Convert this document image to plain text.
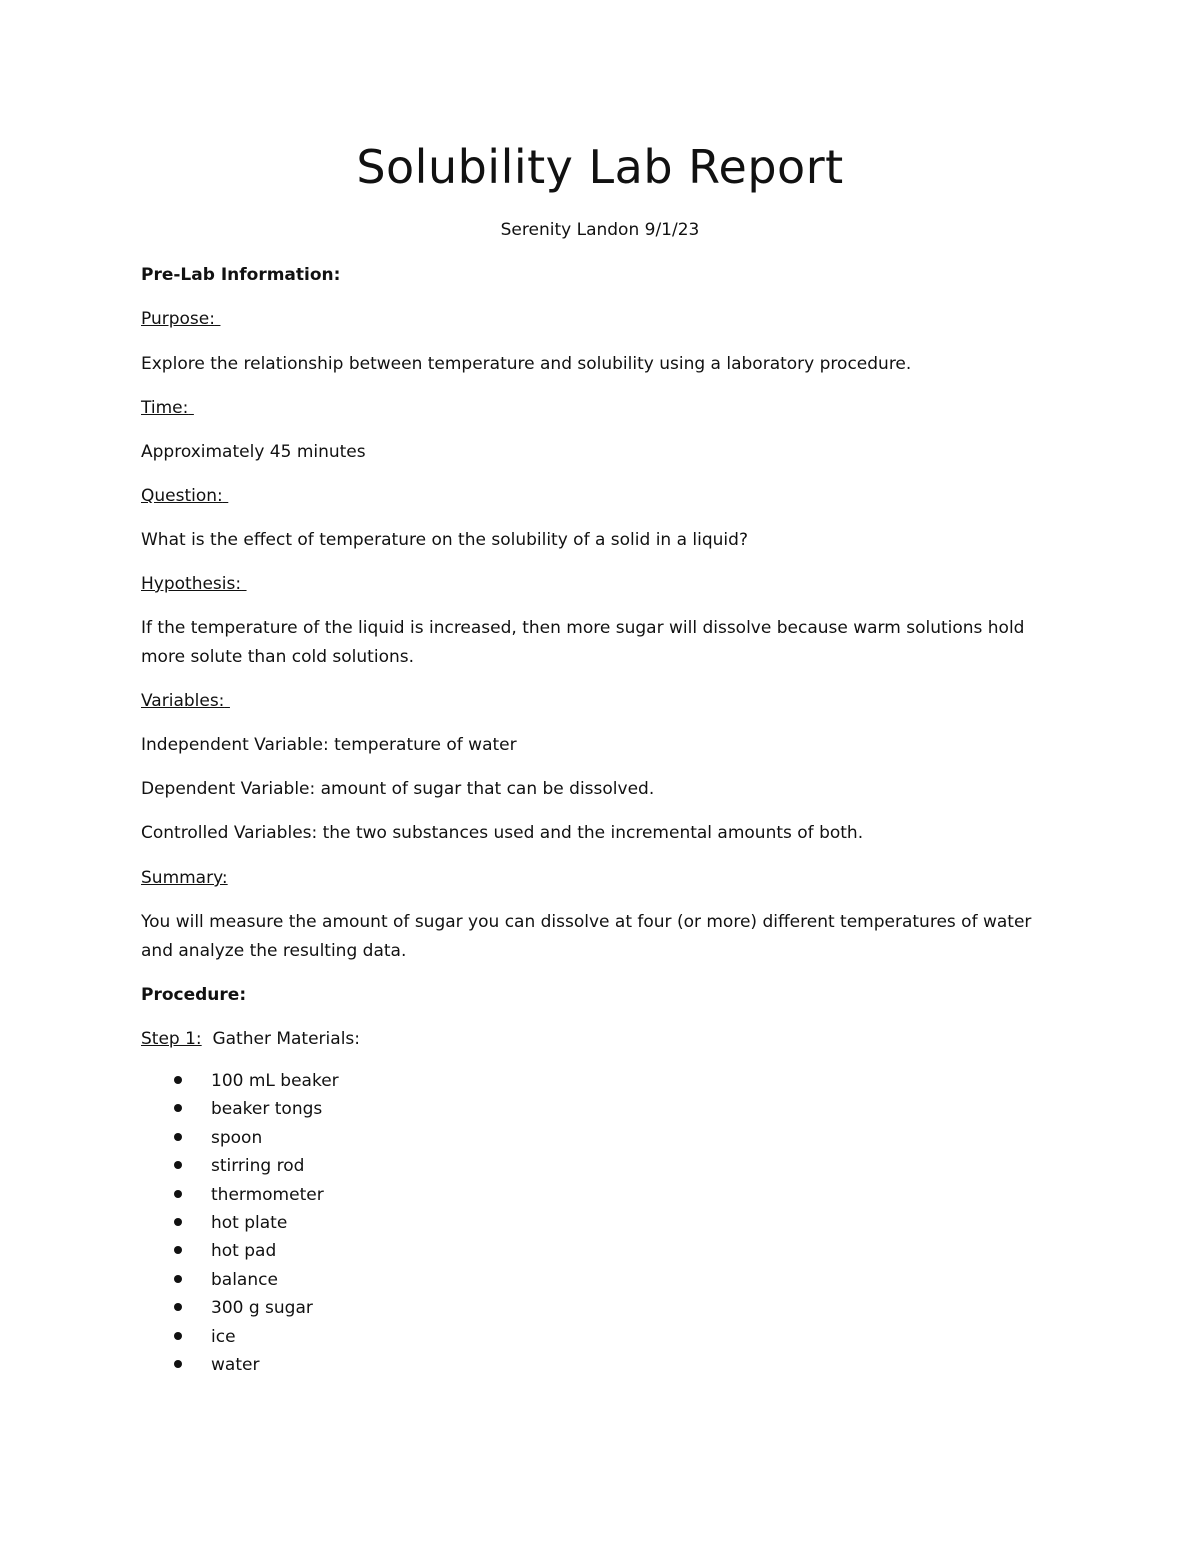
Solubility Lab Report
Serenity Landon 9/1/23
Pre-Lab Information:
Purpose:
Explore the relationship between temperature and solubility using a laboratory procedure.
Time:
Approximately 45 minutes
Question:
What is the effect of temperature on the solubility of a solid in a liquid?
Hypothesis:
If the temperature of the liquid is increased, then more sugar will dissolve because warm solutions hold
more solute than cold solutions.
Variables:
Independent Variable: temperature of water
Dependent Variable: amount of sugar that can be dissolved.
Controlled Variables: the two substances used and the incremental amounts of both.
Summary:
You will measure the amount of sugar you can dissolve at four (or more) different temperatures of water
and analyze the resulting data.
Procedure:
Step 1: Gather Materials:
100 mL beaker
beaker tongs
spoon
stirring rod
thermometer
hot plate
hot pad
balance
300 g sugar
ice
water
